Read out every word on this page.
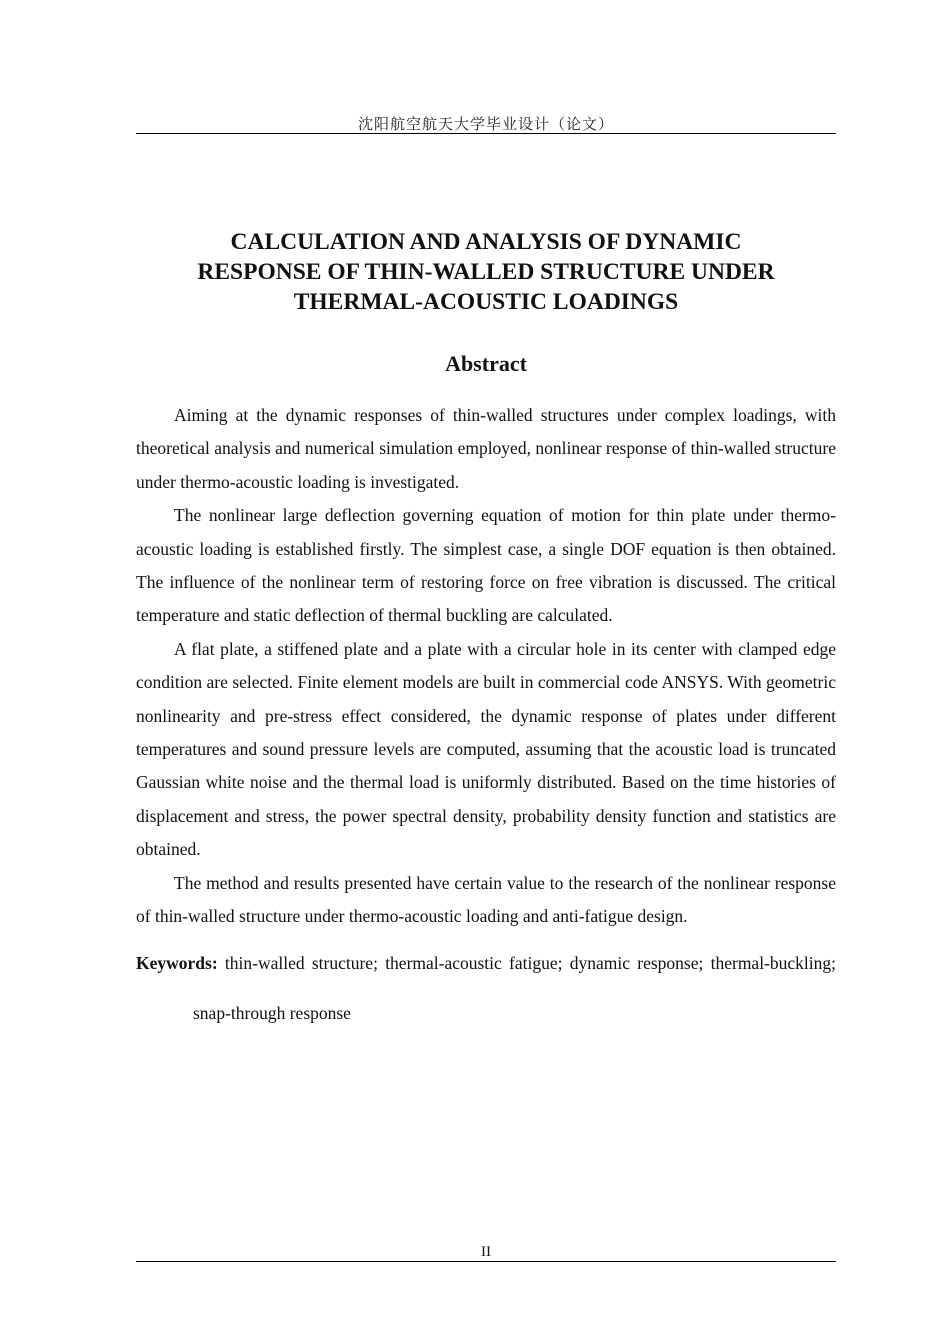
沈阳航空航天大学毕业设计（论文）
CALCULATION AND ANALYSIS OF DYNAMIC
RESPONSE OF THIN-WALLED STRUCTURE UNDER
THERMAL-ACOUSTIC LOADINGS
Abstract

Aiming at the dynamic responses of thin-walled structures under complex loadings, with theoretical analysis and numerical simulation employed, nonlinear response of thin-walled structure under thermo-acoustic loading is investigated.

The nonlinear large deflection governing equation of motion for thin plate under thermo-acoustic loading is established firstly. The simplest case, a single DOF equation is then obtained. The influence of the nonlinear term of restoring force on free vibration is discussed. The critical temperature and static deflection of thermal buckling are calculated.

A flat plate, a stiffened plate and a plate with a circular hole in its center with clamped edge condition are selected. Finite element models are built in commercial code ANSYS. With geometric nonlinearity and pre-stress effect considered, the dynamic response of plates under different temperatures and sound pressure levels are computed, assuming that the acoustic load is truncated Gaussian white noise and the thermal load is uniformly distributed. Based on the time histories of displacement and stress, the power spectral density, probability density function and statistics are obtained.

The method and results presented have certain value to the research of the nonlinear response of thin-walled structure under thermo-acoustic loading and anti-fatigue design.

Keywords: thin-walled structure; thermal-acoustic fatigue; dynamic response; thermal-buckling; snap-through response
II
